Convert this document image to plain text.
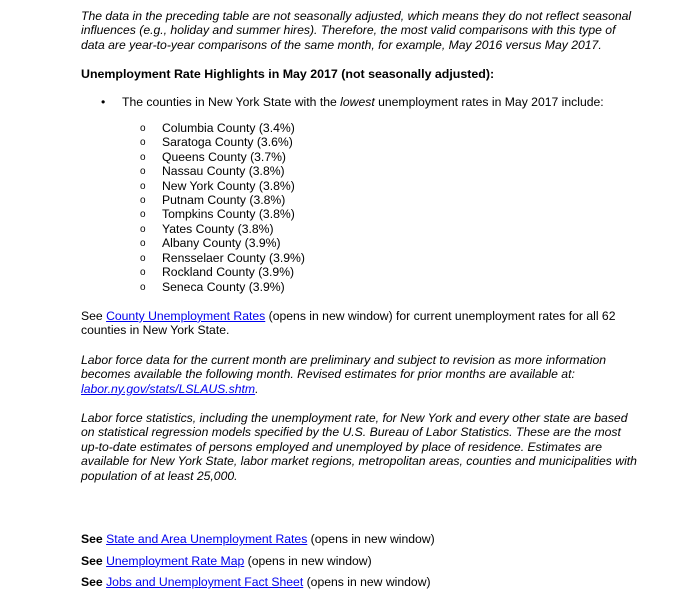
The data in the preceding table are not seasonally adjusted, which means they do not reflect seasonal influences (e.g., holiday and summer hires). Therefore, the most valid comparisons with this type of data are year-to-year comparisons of the same month, for example, May 2016 versus May 2017.

Unemployment Rate Highlights in May 2017 (not seasonally adjusted):

• The counties in New York State with the lowest unemployment rates in May 2017 include:
o Columbia County (3.4%)
o Saratoga County (3.6%)
o Queens County (3.7%)
o Nassau County (3.8%)
o New York County (3.8%)
o Putnam County (3.8%)
o Tompkins County (3.8%)
o Yates County (3.8%)
o Albany County (3.9%)
o Rensselaer County (3.9%)
o Rockland County (3.9%)
o Seneca County (3.9%)

See County Unemployment Rates (opens in new window) for current unemployment rates for all 62 counties in New York State.

Labor force data for the current month are preliminary and subject to revision as more information becomes available the following month. Revised estimates for prior months are available at: labor.ny.gov/stats/LSLAUS.shtm.

Labor force statistics, including the unemployment rate, for New York and every other state are based on statistical regression models specified by the U.S. Bureau of Labor Statistics. These are the most up-to-date estimates of persons employed and unemployed by place of residence. Estimates are available for New York State, labor market regions, metropolitan areas, counties and municipalities with population of at least 25,000.

See State and Area Unemployment Rates (opens in new window)

See Unemployment Rate Map (opens in new window)

See Jobs and Unemployment Fact Sheet (opens in new window)
